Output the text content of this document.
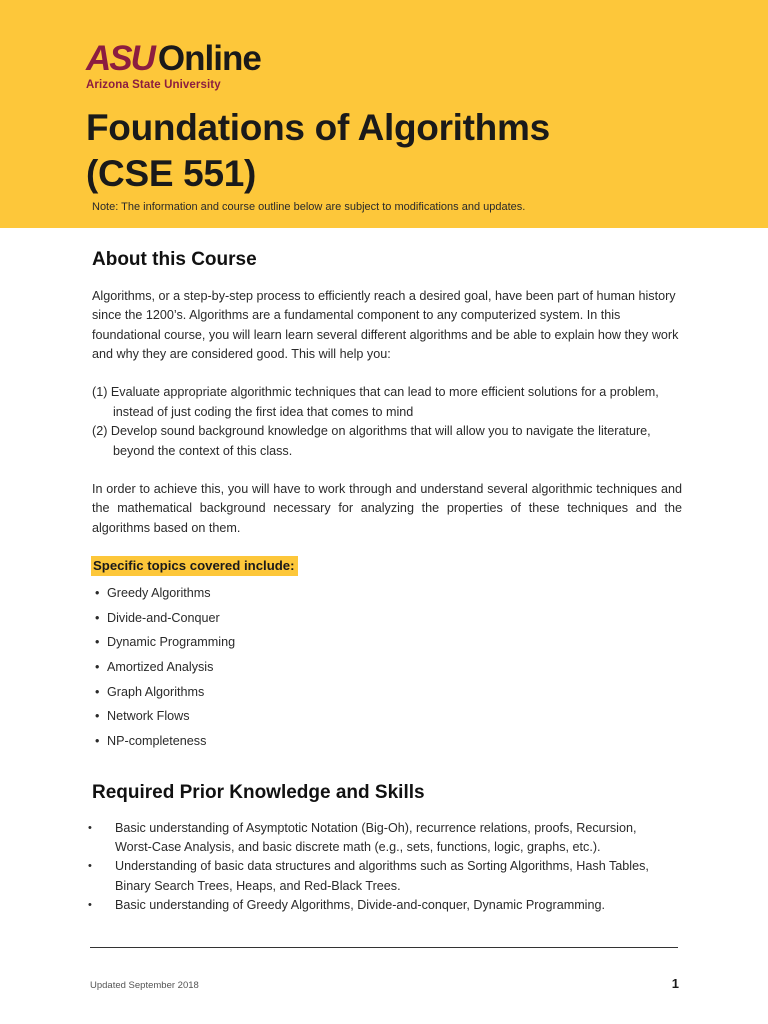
ASU Online
Arizona State University
Foundations of Algorithms
(CSE 551)
Note: The information and course outline below are subject to modifications and updates.
About this Course

Algorithms, or a step-by-step process to efficiently reach a desired goal, have been part of human history since the 1200’s. Algorithms are a fundamental component to any computerized system. In this foundational course, you will learn learn several different algorithms and be able to explain how they work and why they are considered good. This will help you:

(1) Evaluate appropriate algorithmic techniques that can lead to more efficient solutions for a problem, instead of just coding the first idea that comes to mind
(2) Develop sound background knowledge on algorithms that will allow you to navigate the literature, beyond the context of this class.

In order to achieve this, you will have to work through and understand several algorithmic techniques and the mathematical background necessary for analyzing the properties of these techniques and the algorithms based on them.

Specific topics covered include:
• Greedy Algorithms
• Divide-and-Conquer
• Dynamic Programming
• Amortized Analysis
• Graph Algorithms
• Network Flows
• NP-completeness
Required Prior Knowledge and Skills
• Basic understanding of Asymptotic Notation (Big-Oh), recurrence relations, proofs, Recursion, Worst-Case Analysis, and basic discrete math (e.g., sets, functions, logic, graphs, etc.).
• Understanding of basic data structures and algorithms such as Sorting Algorithms, Hash Tables, Binary Search Trees, Heaps, and Red-Black Trees.
• Basic understanding of Greedy Algorithms, Divide-and-conquer, Dynamic Programming.
Updated September 2018	1
